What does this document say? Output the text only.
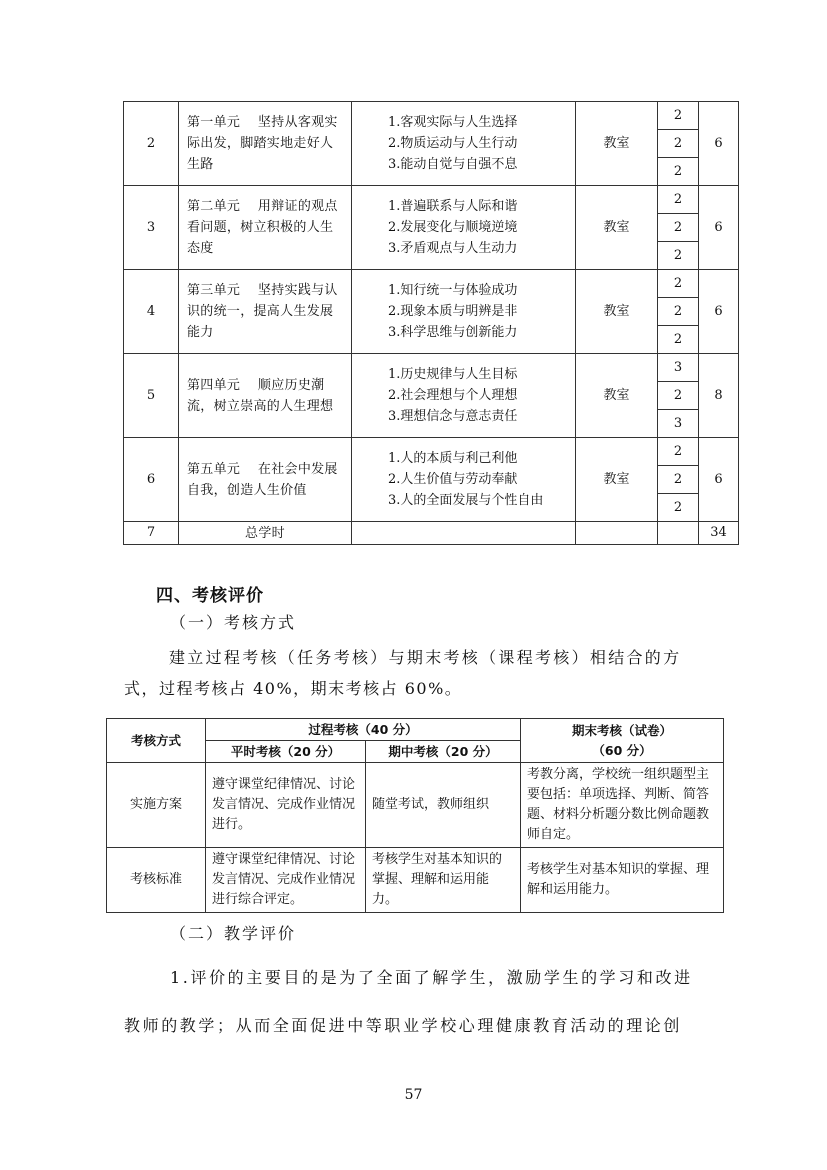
2	第一单元　 坚持从客观实际出发，脚踏实地走好人生路	1.客观实际与人生选择
2.物质运动与人生行动
3.能动自觉与自强不息	教室	2	6
				2	
				2	
3	第二单元　 用辩证的观点看问题，树立积极的人生态度	1.普遍联系与人际和谐
2.发展变化与顺境逆境
3.矛盾观点与人生动力	教室	2	6
				2	
				2	
4	第三单元　 坚持实践与认识的统一，提高人生发展能力	1.知行统一与体验成功
2.现象本质与明辨是非
3.科学思维与创新能力	教室	2	6
				2	
				2	
5	第四单元　 顺应历史潮流，树立崇高的人生理想	1.历史规律与人生目标
2.社会理想与个人理想
3.理想信念与意志责任	教室	3	8
				2	
				3	
6	第五单元　 在社会中发展自我，创造人生价值	1.人的本质与利己利他
2.人生价值与劳动奉献
3.人的全面发展与个性自由	教室	2	6
				2	
				2	
7	总学时				34
四、考核评价
（一）考核方式
建立过程考核（任务考核）与期末考核（课程考核）相结合的方
式，过程考核占 40%，期末考核占 60%。
考核方式	过程考核（40 分）		期末考核（试卷）
（60 分）

	平时考核（20 分）	期中考核（20 分）	
实施方案	遵守课堂纪律情况、讨论发言情况、完成作业情况进行。	随堂考试，教师组织	考教分离，学校统一组织题型主要包括：单项选择、判断、简答题、材料分析题分数比例命题教师自定。
考核标准	遵守课堂纪律情况、讨论发言情况、完成作业情况进行综合评定。	考核学生对基本知识的掌握、理解和运用能力。	考核学生对基本知识的掌握、理解和运用能力。
（二）教学评价
1.评价的主要目的是为了全面了解学生，激励学生的学习和改进
教师的教学；从而全面促进中等职业学校心理健康教育活动的理论创
57
